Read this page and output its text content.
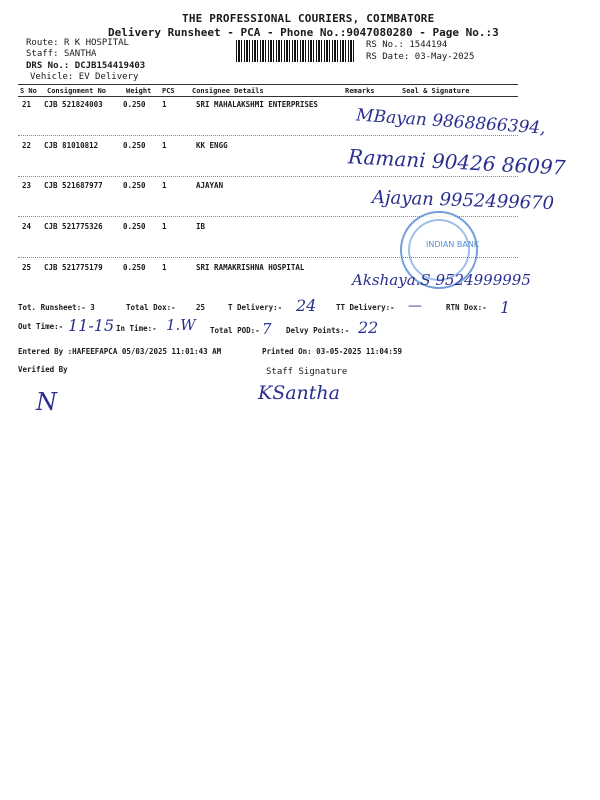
THE PROFESSIONAL COURIERS, COIMBATORE
Delivery Runsheet - PCA - Phone No.:9047080280 - Page No.:3
Route: R K HOSPITAL
Staff: SANTHA
DRS No.: DCJB154419403
Vehicle: EV Delivery
RS No.: 1544194
RS Date: 03-May-2025
S No Consignment No	Weight PCS Consignee Details	Remarks	Seal & Signature
21 CJB 521824003	0.250 1	SRI MAHALAKSHMI ENTERPRISES
MBayan 9868866394,
22 CJB 81010812	0.250 1	KK ENGG	Ramani 90426 86097
23 CJB 521687977	0.250 1	AJAYAN
Ajayan 9952499670
24 CJB 521775326	0.250 1	IB
INDIAN BANK
25 CJB 521775179	0.250 1	SRI RAMAKRISHNA HOSPITAL
Akshaya.S 9524999995
Tot. Runsheet:- 3	Total Dox:-	25	T Delivery:- 24	TT Delivery:- —	RTN Dox:- 1
Out Time:- 11-15 In Time:- 1.W Total POD:- 7 Delvy Points:- 22
Entered By :HAFEEFAPCA 05/03/2025 11:01:43 AM	Printed On: 03-05-2025 11:04:59
Verified By	Staff Signature
N	KSantha
